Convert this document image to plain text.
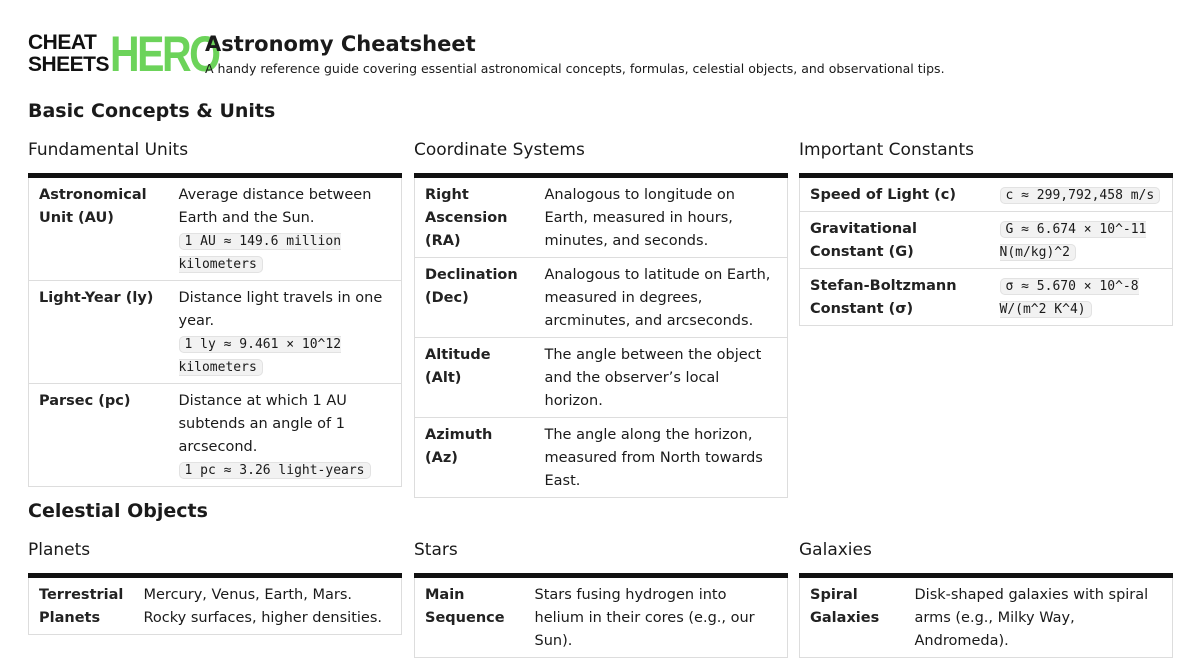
CHEAT
SHEETS HERO
Astronomy Cheatsheet
A handy reference guide covering essential astronomical concepts, formulas, celestial objects, and observational tips.
Basic Concepts & Units
Celestial Objects
Fundamental Units
Astronomical Unit (AU)	Average distance between Earth and the Sun.
1 AU ≈ 149.6 million kilometers
Light-Year (ly)	Distance light travels in one year.
1 ly ≈ 9.461 × 10^12 kilometers
Parsec (pc)	Distance at which 1 AU subtends an angle of 1 arcsecond.
1 pc ≈ 3.26 light-years
Coordinate Systems
Right Ascension (RA)	Analogous to longitude on Earth, measured in hours, minutes, and seconds.
Declination (Dec)	Analogous to latitude on Earth, measured in degrees, arcminutes, and arcseconds.
Altitude (Alt)	The angle between the object and the observer’s local horizon.
Azimuth (Az)	The angle along the horizon, measured from North towards East.
Important Constants
Speed of Light (c)	c ≈ 299,792,458 m/s
Gravitational Constant (G)	G ≈ 6.674 × 10^-11 N(m/kg)^2
Stefan-Boltzmann Constant (σ)	σ ≈ 5.670 × 10^-8 W/(m^2 K^4)
Planets
Terrestrial Planets	Mercury, Venus, Earth, Mars. Rocky surfaces, higher densities.
Stars
Main Sequence	Stars fusing hydrogen into helium in their cores (e.g., our Sun).
Galaxies
Spiral Galaxies	Disk-shaped galaxies with spiral arms (e.g., Milky Way, Andromeda).
